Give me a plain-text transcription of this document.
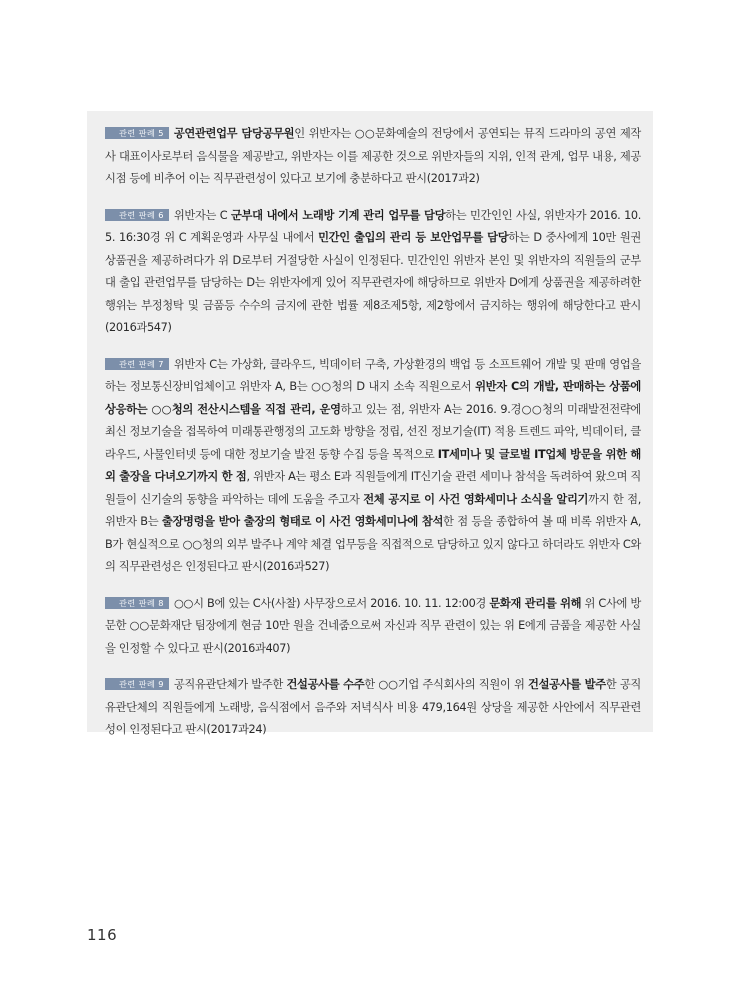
관련 판례 5 공연관련업무 담당공무원인 위반자는 ○○문화예술의 전당에서 공연되는 뮤직 드라마의 공연 제작사 대표이사로부터 음식물을 제공받고, 위반자는 이를 제공한 것으로 위반자들의 지위, 인적 관계, 업무 내용, 제공시점 등에 비추어 이는 직무관련성이 있다고 보기에 충분하다고 판시(2017과2)

관련 판례 6 위반자는 C 군부대 내에서 노래방 기계 관리 업무를 담당하는 민간인인 사실, 위반자가 2016. 10. 5. 16:30경 위 C 계획운영과 사무실 내에서 민간인 출입의 관리 등 보안업무를 담당하는 D 중사에게 10만 원권 상품권을 제공하려다가 위 D로부터 거절당한 사실이 인정된다. 민간인인 위반자 본인 및 위반자의 직원들의 군부대 출입 관련업무를 담당하는 D는 위반자에게 있어 직무관련자에 해당하므로 위반자 D에게 상품권을 제공하려한 행위는 부정청탁 및 금품등 수수의 금지에 관한 법률 제8조제5항, 제2항에서 금지하는 행위에 해당한다고 판시(2016과547)

관련 판례 7 위반자 C는 가상화, 클라우드, 빅데이터 구축, 가상환경의 백업 등 소프트웨어 개발 및 판매 영업을 하는 정보통신장비업체이고 위반자 A, B는 ○○청의 D 내지 소속 직원으로서 위반자 C의 개발, 판매하는 상품에 상응하는 ○○청의 전산시스템을 직접 관리, 운영하고 있는 점, 위반자 A는 2016. 9.경○○청의 미래발전전략에 최신 정보기술을 접목하여 미래통관행정의 고도화 방향을 정립, 선진 정보기술(IT) 적용 트렌드 파악, 빅데이터, 클라우드, 사물인터넷 등에 대한 정보기술 발전 동향 수집 등을 목적으로 IT세미나 및 글로벌 IT업체 방문을 위한 해외 출장을 다녀오기까지 한 점, 위반자 A는 평소 E과 직원들에게 IT신기술 관련 세미나 참석을 독려하여 왔으며 직원들이 신기술의 동향을 파악하는 데에 도움을 주고자 전체 공지로 이 사건 영화세미나 소식을 알리기까지 한 점, 위반자 B는 출장명령을 받아 출장의 형태로 이 사건 영화세미나에 참석한 점 등을 종합하여 볼 때 비록 위반자 A, B가 현실적으로 ○○청의 외부 발주나 계약 체결 업무등을 직접적으로 담당하고 있지 않다고 하더라도 위반자 C와의 직무관련성은 인정된다고 판시(2016과527)

관련 판례 8 ○○시 B에 있는 C사(사찰) 사무장으로서 2016. 10. 11. 12:00경 문화재 관리를 위해 위 C사에 방문한 ○○문화재단 팀장에게 현금 10만 원을 건네줌으로써 자신과 직무 관련이 있는 위 E에게 금품을 제공한 사실을 인정할 수 있다고 판시(2016과407)

관련 판례 9 공직유관단체가 발주한 건설공사를 수주한 ○○기업 주식회사의 직원이 위 건설공사를 발주한 공직유관단체의 직원들에게 노래방, 음식점에서 음주와 저녁식사 비용 479,164원 상당을 제공한 사안에서 직무관련성이 인정된다고 판시(2017과24)

116
